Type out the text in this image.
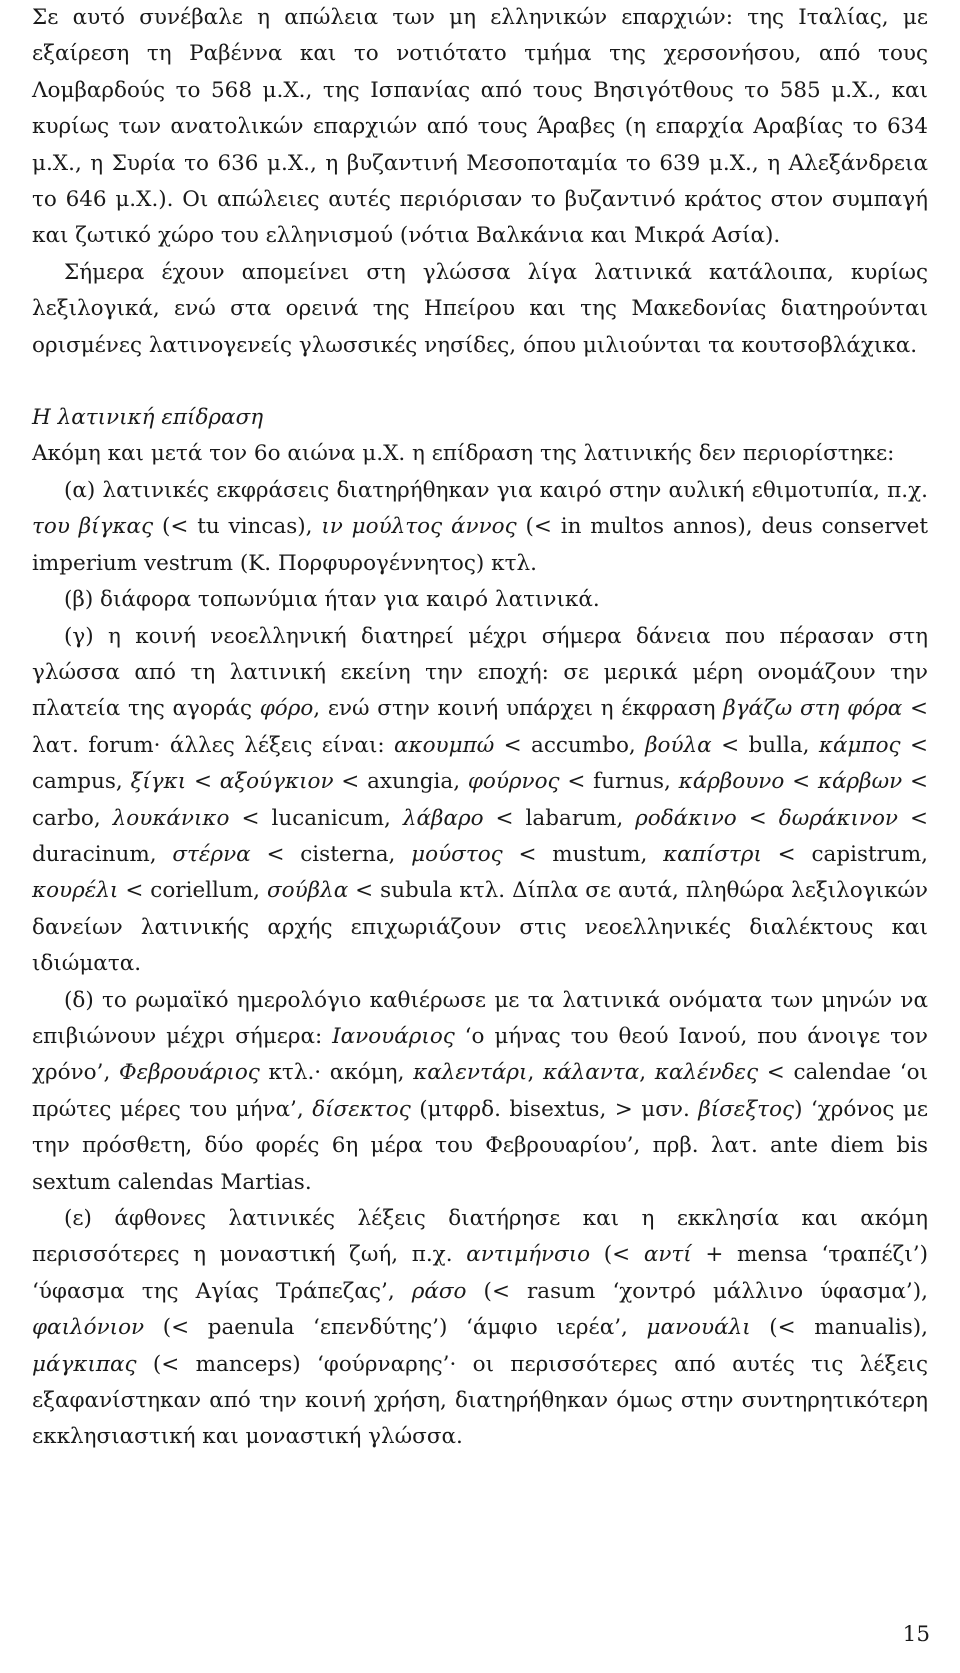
Σε αυτό συνέβαλε η απώλεια των μη ελληνικών επαρχιών: της Ιταλίας, με εξαίρεση τη Ραβέννα και το νοτιότατο τμήμα της χερσονήσου, από τους Λομβαρδούς το 568 μ.Χ., της Ισπανίας από τους Βησιγότθους το 585 μ.Χ., και κυρίως των ανατολικών επαρχιών από τους Άραβες (η επαρχία Αραβίας το 634 μ.Χ., η Συρία το 636 μ.Χ., η βυζαντινή Μεσοποταμία το 639 μ.Χ., η Αλεξάνδρεια το 646 μ.Χ.). Οι απώλειες αυτές περιόρισαν το βυζαντινό κράτος στον συμπαγή και ζωτικό χώρο του ελληνισμού (νότια Βαλκάνια και Μικρά Ασία).

Σήμερα έχουν απομείνει στη γλώσσα λίγα λατινικά κατάλοιπα, κυρίως λεξιλογικά, ενώ στα ορεινά της Ηπείρου και της Μακεδονίας διατηρούνται ορισμένες λατινογενείς γλωσσικές νησίδες, όπου μιλιούνται τα κουτσοβλάχικα.

Η λατινική επίδραση

Ακόμη και μετά τον 6ο αιώνα μ.Χ. η επίδραση της λατινικής δεν περιορίστηκε:

(α) λατινικές εκφράσεις διατηρήθηκαν για καιρό στην αυλική εθιμοτυπία, π.χ. του βίγκας (< tu vincas), ιν μούλτος άννος (< in multos annos), deus conservet imperium vestrum (Κ. Πορφυρογέννητος) κτλ.

(β) διάφορα τοπωνύμια ήταν για καιρό λατινικά.

(γ) η κοινή νεοελληνική διατηρεί μέχρι σήμερα δάνεια που πέρασαν στη γλώσσα από τη λατινική εκείνη την εποχή: σε μερικά μέρη ονομάζουν την πλατεία της αγοράς φόρο, ενώ στην κοινή υπάρχει η έκφραση βγάζω στη φόρα < λατ. forum· άλλες λέξεις είναι: ακουμπώ < accumbo, βούλα < bulla, κάμπος < campus, ξίγκι < αξούγκιον < axungia, φούρνος < furnus, κάρβουνο < κάρβων < carbo, λουκάνικο < lucanicum, λάβαρο < labarum, ροδάκινο < δωράκινον < duracinum, στέρνα < cisterna, μούστος < mustum, καπίστρι < capistrum, κουρέλι < coriellum, σούβλα < subula κτλ. Δίπλα σε αυτά, πληθώρα λεξιλογικών δανείων λατινικής αρχής επιχωριάζουν στις νεοελληνικές διαλέκτους και ιδιώματα.

(δ) το ρωμαϊκό ημερολόγιο καθιέρωσε με τα λατινικά ονόματα των μηνών να επιβιώνουν μέχρι σήμερα: Ιανουάριος ‘ο μήνας του θεού Ιανού, που άνοιγε τον χρόνο’, Φεβρουάριος κτλ.· ακόμη, καλεντάρι, κάλαντα, καλένδες < calendae ‘οι πρώτες μέρες του μήνα’, δίσεκτος (μτφρδ. bisextus, > μσν. βίσεξτος) ‘χρόνος με την πρόσθετη, δύο φορές 6η μέρα του Φεβρουαρίου’, πρβ. λατ. ante diem bis sextum calendas Martias.

(ε) άφθονες λατινικές λέξεις διατήρησε και η εκκλησία και ακόμη περισσότερες η μοναστική ζωή, π.χ. αντιμήνσιο (< αντί + mensa ‘τραπέζι’) ‘ύφασμα της Αγίας Τράπεζας’, ράσο (< rasum ‘χοντρό μάλλινο ύφασμα’), φαιλόνιον (< paenula ‘επενδύτης’) ‘άμφιο ιερέα’, μανουάλι (< manualis), μάγκιπας (< manceps) ‘φούρναρης’· οι περισσότερες από αυτές τις λέξεις εξαφανίστηκαν από την κοινή χρήση, διατηρήθηκαν όμως στην συντηρητικότερη εκκλησιαστική και μοναστική γλώσσα.

15
